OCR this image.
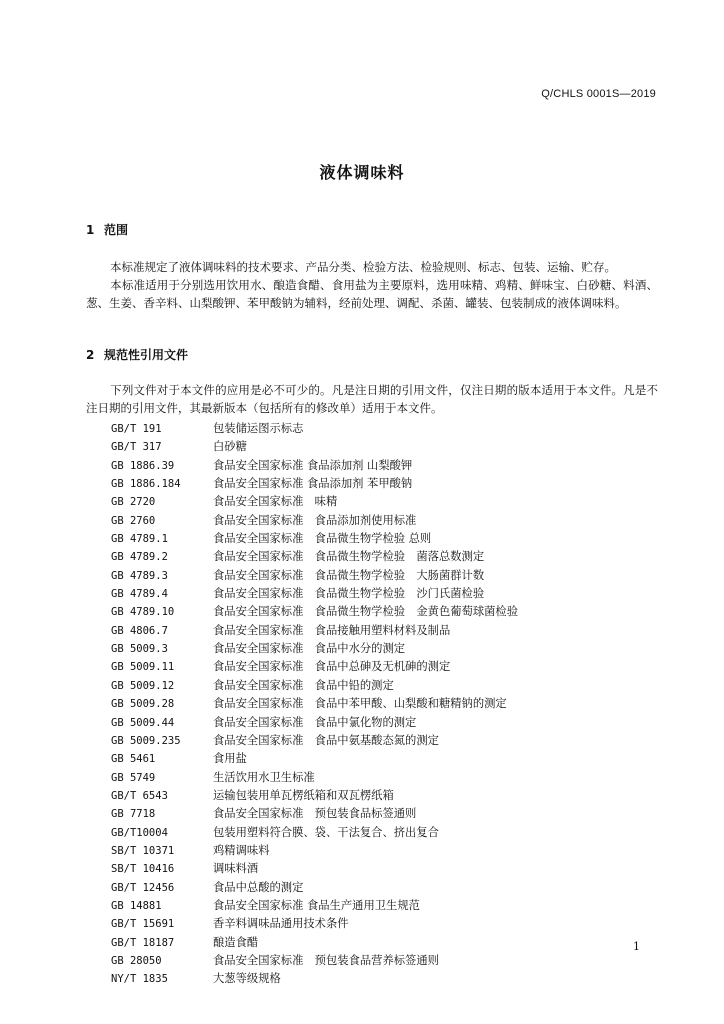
Q/CHLS 0001S—2019
液体调味料
1 范围
本标准规定了液体调味料的技术要求、产品分类、检验方法、检验规则、标志、包装、运输、贮存。
本标准适用于分别选用饮用水、酿造食醋、食用盐为主要原料，选用味精、鸡精、鲜味宝、白砂糖、料酒、葱、生姜、香辛料、山梨酸钾、苯甲酸钠为辅料，经前处理、调配、杀菌、罐装、包装制成的液体调味料。
2 规范性引用文件
下列文件对于本文件的应用是必不可少的。凡是注日期的引用文件，仅注日期的版本适用于本文件。凡是不注日期的引用文件，其最新版本（包括所有的修改单）适用于本文件。
GB/T 191	包装储运图示标志
GB/T 317	白砂糖
GB 1886.39	食品安全国家标准 食品添加剂 山梨酸钾
GB 1886.184	食品安全国家标准 食品添加剂 苯甲酸钠
GB 2720	食品安全国家标准　味精
GB 2760	食品安全国家标准　食品添加剂使用标准
GB 4789.1	食品安全国家标准　食品微生物学检验 总则
GB 4789.2	食品安全国家标准　食品微生物学检验　菌落总数测定
GB 4789.3	食品安全国家标准　食品微生物学检验　大肠菌群计数
GB 4789.4	食品安全国家标准　食品微生物学检验　沙门氏菌检验
GB 4789.10	食品安全国家标准　食品微生物学检验　金黄色葡萄球菌检验
GB 4806.7	食品安全国家标准　食品接触用塑料材料及制品
GB 5009.3	食品安全国家标准　食品中水分的测定
GB 5009.11	食品安全国家标准　食品中总砷及无机砷的测定
GB 5009.12	食品安全国家标准　食品中铅的测定
GB 5009.28	食品安全国家标准　食品中苯甲酸、山梨酸和糖精钠的测定
GB 5009.44	食品安全国家标准　食品中氯化物的测定
GB 5009.235	食品安全国家标准　食品中氨基酸态氮的测定
GB 5461	食用盐
GB 5749	生活饮用水卫生标准
GB/T 6543	运输包装用单瓦楞纸箱和双瓦楞纸箱
GB 7718	食品安全国家标准　预包装食品标签通则
GB/T10004	包装用塑料符合膜、袋、干法复合、挤出复合
SB/T 10371	鸡精调味料
SB/T 10416	调味料酒
GB/T 12456	食品中总酸的测定
GB 14881	食品安全国家标准 食品生产通用卫生规范
GB/T 15691	香辛料调味品通用技术条件
GB/T 18187	酿造食醋
GB 28050	食品安全国家标准　预包装食品营养标签通则
NY/T 1835	大葱等级规格
1
